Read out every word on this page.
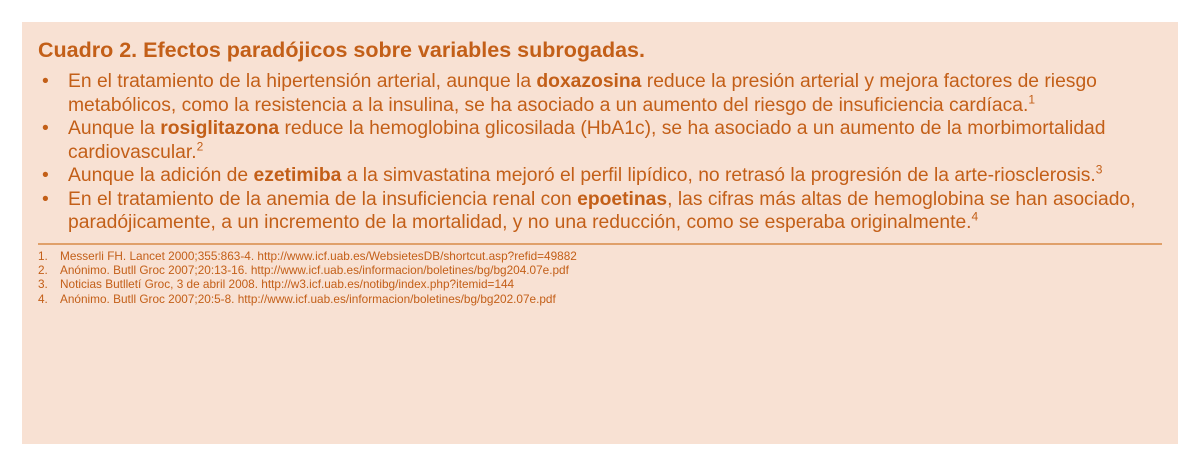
Cuadro 2. Efectos paradójicos sobre variables subrogadas.
• En el tratamiento de la hipertensión arterial, aunque la doxazosina reduce la presión arterial y mejora factores de riesgo metabólicos, como la resistencia a la insulina, se ha asociado a un aumento del riesgo de insuficiencia cardíaca.$^1$
• Aunque la rosiglitazona reduce la hemoglobina glicosilada (HbA1c), se ha asociado a un aumento de la morbimortalidad cardiovascular.$^2$
• Aunque la adición de ezetimiba a la simvastatina mejoró el perfil lipídico, no retrasó la progresión de la arte-riosclerosis.$^3$
• En el tratamiento de la anemia de la insuficiencia renal con epoetinas, las cifras más altas de hemoglobina se han asociado, paradójicamente, a un incremento de la mortalidad, y no una reducción, como se esperaba originalmente.$^4$
1. Messerli FH. Lancet 2000;355:863-4. http://www.icf.uab.es/WebsietesDB/shortcut.asp?refid=49882
2. Anónimo. Butll Groc 2007;20:13-16. http://www.icf.uab.es/informacion/boletines/bg/bg204.07e.pdf
3. Noticias Butlletí Groc, 3 de abril 2008. http://w3.icf.uab.es/notibg/index.php?itemid=144
4. Anónimo. Butll Groc 2007;20:5-8. http://www.icf.uab.es/informacion/boletines/bg/bg202.07e.pdf
